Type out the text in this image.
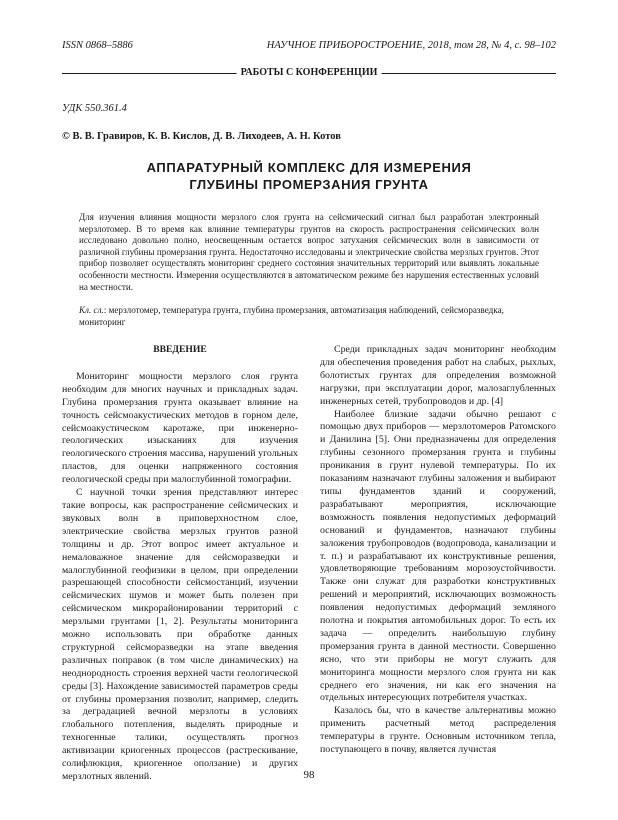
ISSN 0868–5886	НАУЧНОЕ ПРИБОРОСТРОЕНИЕ, 2018, том 28, № 4, с. 98–102
РАБОТЫ С КОНФЕРЕНЦИИ
УДК 550.361.4
© В. В. Гравиров, К. В. Кислов, Д. В. Лиходеев, А. Н. Котов
АППАРАТУРНЫЙ КОМПЛЕКС ДЛЯ ИЗМЕРЕНИЯ
ГЛУБИНЫ ПРОМЕРЗАНИЯ ГРУНТА
Для изучения влияния мощности мерзлого слоя грунта на сейсмический сигнал был разработан электронный мерзлотомер. В то время как влияние температуры грунтов на скорость распространения сейсмических волн исследовано довольно полно, неосвещенным остается вопрос затухания сейсмических волн в зависимости от различной глубины промерзания грунта. Недостаточно исследованы и электрические свойства мерзлых грунтов. Этот прибор позволяет осуществлять мониторинг среднего состояния значительных территорий или выявлять локальные особенности местности. Измерения осуществляются в автоматическом режиме без нарушения естественных условий на местности.
Кл. сл.: мерзлотомер, температура грунта, глубина промерзания, автоматизация наблюдений, сейсморазведка, мониторинг
ВВЕДЕНИЕ

Мониторинг мощности мерзлого слоя грунта необходим для многих научных и прикладных задач. Глубина промерзания грунта оказывает влияние на точность сейсмоакустических методов в горном деле, сейсмоакустическом каротаже, при инженерно-геологических изысканиях для изучения геологического строения массива, нарушений угольных пластов, для оценки напряженного состояния геологической среды при малоглубинной томографии.

С научной точки зрения представляют интерес такие вопросы, как распространение сейсмических и звуковых волн в приповерхностном слое, электрические свойства мерзлых грунтов разной толщины и др. Этот вопрос имеет актуальное и немаловажное значение для сейсморазведки и малоглубинной геофизики в целом, при определении разрешающей способности сейсмостанций, изучении сейсмических шумов и может быть полезен при сейсмическом микрорайонировании территорий с мерзлыми грунтами [1, 2]. Результаты мониторинга можно использовать при обработке данных структурной сейсморазведки на этапе введения различных поправок (в том числе динамических) на неоднородность строения верхней части геологической среды [3]. Нахождение зависимостей параметров среды от глубины промерзания позволит, например, следить за деградацией вечной мерзлоты в условиях глобального потепления, выделять природные и техногенные талики, осуществлять прогноз активизации криогенных процессов (растрескивание, солифлюкция, криогенное оползание) и других мерзлотных явлений.

Среди прикладных задач мониторинг необходим для обеспечения проведения работ на слабых, рыхлых, болотистых грунтах для определения возможной нагрузки, при эксплуатации дорог, малозаглубленных инженерных сетей, трубопроводов и др. [4]

Наиболее близкие задачи обычно решают с помощью двух приборов — мерзлотомеров Ратомского и Данилина [5]. Они предназначены для определения глубины сезонного промерзания грунта и глубины проникания в грунт нулевой температуры. По их показаниям назначают глубины заложения и выбирают типы фундаментов зданий и сооружений, разрабатывают мероприятия, исключающие возможность появления недопустимых деформаций оснований и фундаментов, назначают глубины заложения трубопроводов (водопровода, канализации и т. п.) и разрабатывают их конструктивные решения, удовлетворяющие требованиям морозоустойчивости. Также они служат для разработки конструктивных решений и мероприятий, исключающих возможность появления недопустимых деформаций земляного полотна и покрытия автомобильных дорог. То есть их задача — определить наибольшую глубину промерзания грунта в данной местности. Совершенно ясно, что эти приборы не могут служить для мониторинга мощности мерзлого слоя грунта ни как среднего его значения, ни как его значения на отдельных интересующих потребителя участках.

Казалось бы, что в качестве альтернативы можно применить расчетный метод распределения температуры в грунте. Основным источником тепла, поступающего в почву, является лучистая

98
